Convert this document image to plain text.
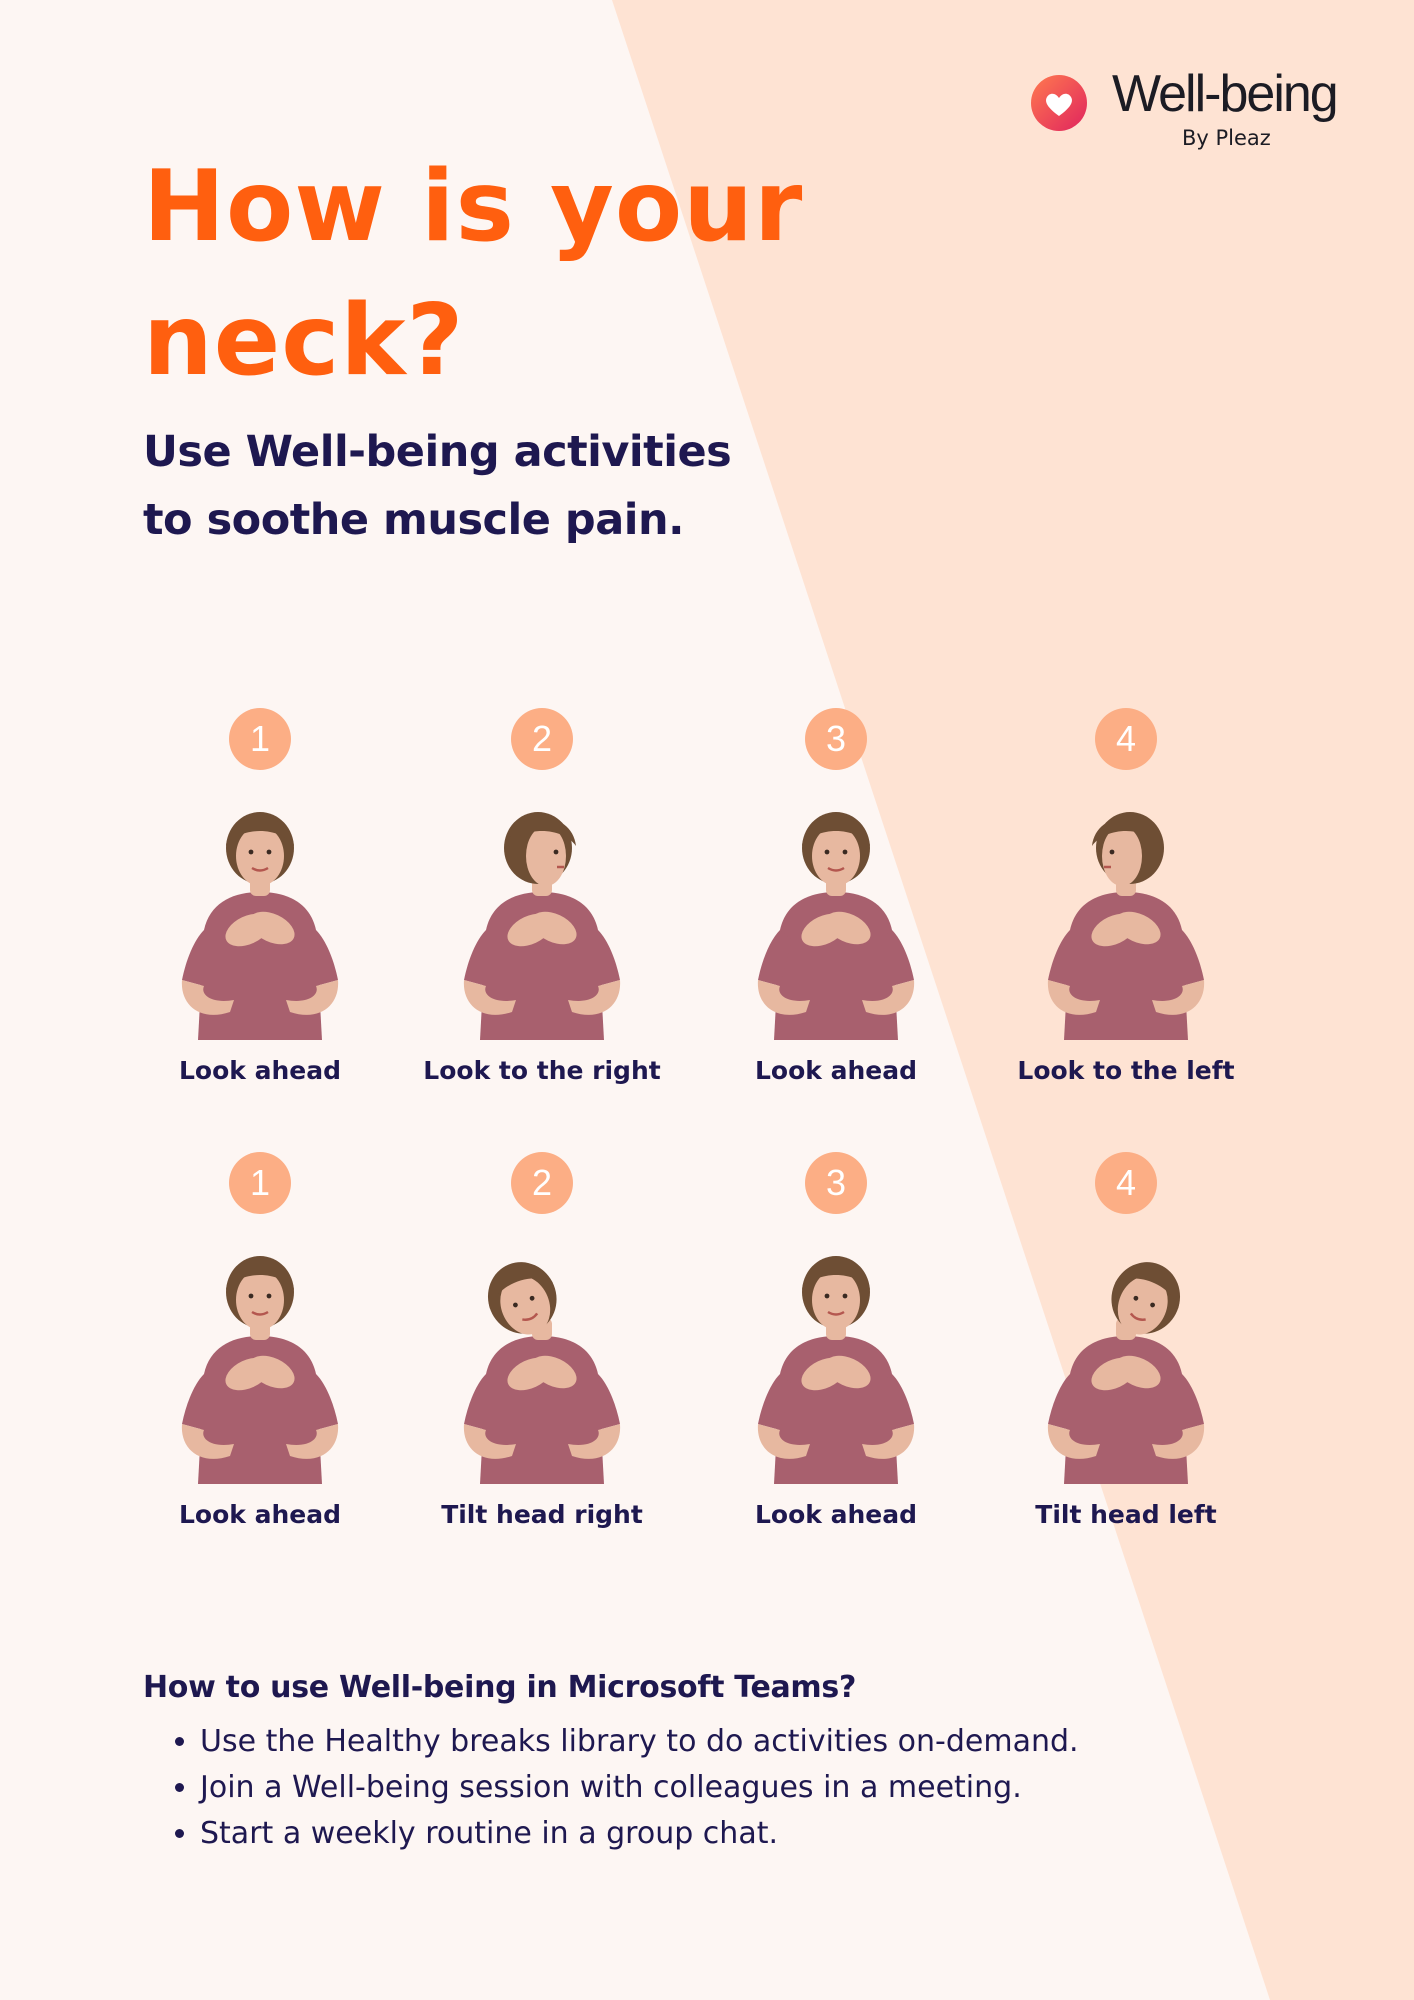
Well-being
By Pleaz
How is your neck?

Use Well-being activities to soothe muscle pain.

1
Look ahead
2
Look to the right
3
Look ahead
4
Look to the left
1
Look ahead
2
Tilt head right
3
Look ahead
4
Tilt head left

How to use Well-being in Microsoft Teams?

• Use the Healthy breaks library to do activities on-demand.
• Join a Well-being session with colleagues in a meeting.
• Start a weekly routine in a group chat.
